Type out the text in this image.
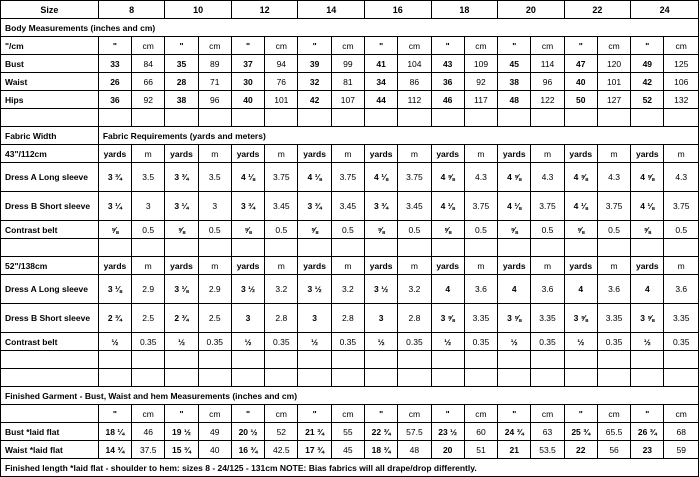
Size	8		10		12		14		16		18		20		22		24	
Body Measurements (inches and cm)																		
"/cm	"	cm	"	cm	"	cm	"	cm	"	cm	"	cm	"	cm	"	cm	"	cm
Bust	33	84	35	89	37	94	39	99	41	104	43	109	45	114	47	120	49	125
Waist	26	66	28	71	30	76	32	81	34	86	36	92	38	96	40	101	42	106
Hips	36	92	38	96	40	101	42	107	44	112	46	117	48	122	50	127	52	132

Fabric Width	Fabric Requirements (yards and meters)																	
43"/112cm	yards	m	yards	m	yards	m	yards	m	yards	m	yards	m	yards	m	yards	m	yards	m
Dress A Long sleeve	3 ¾	3.5	3 ¾	3.5	4 ⅛	3.75	4 ⅛	3.75	4 ⅛	3.75	4 ⅝	4.3	4 ⅝	4.3	4 ⅝	4.3	4 ⅝	4.3
Dress B Short sleeve	3 ¼	3	3 ¼	3	3 ¾	3.45	3 ¾	3.45	3 ¾	3.45	4 ⅛	3.75	4 ⅛	3.75	4 ⅛	3.75	4 ⅛	3.75
Contrast belt	⅝	0.5	⅝	0.5	⅝	0.5	⅝	0.5	⅝	0.5	⅝	0.5	⅝	0.5	⅝	0.5	⅝	0.5

52"/138cm	yards	m	yards	m	yards	m	yards	m	yards	m	yards	m	yards	m	yards	m	yards	m
Dress A Long sleeve	3 ⅛	2.9	3 ⅛	2.9	3 ½	3.2	3 ½	3.2	3 ½	3.2	4	3.6	4	3.6	4	3.6	4	3.6
Dress B Short sleeve	2 ¾	2.5	2 ¾	2.5	3	2.8	3	2.8	3	2.8	3 ⅝	3.35	3 ⅝	3.35	3 ⅝	3.35	3 ⅝	3.35
Contrast belt	½	0.35	½	0.35	½	0.35	½	0.35	½	0.35	½	0.35	½	0.35	½	0.35	½	0.35

Finished Garment - Bust, Waist and hem Measurements (inches and cm)																		
	"	cm	"	cm	"	cm	"	cm	"	cm	"	cm	"	cm	"	cm	"	cm
Bust *laid flat	18 ¼	46	19 ½	49	20 ½	52	21 ¾	55	22 ¾	57.5	23 ½	60	24 ¾	63	25 ¾	65.5	26 ¾	68
Waist *laid flat	14 ¾	37.5	15 ¾	40	16 ¾	42.5	17 ¾	45	18 ¾	48	20	51	21	53.5	22	56	23	59
Finished length *laid flat - shoulder to hem: sizes 8 - 24/125 - 131cm NOTE: Bias fabrics will all drape/drop differently.																		
